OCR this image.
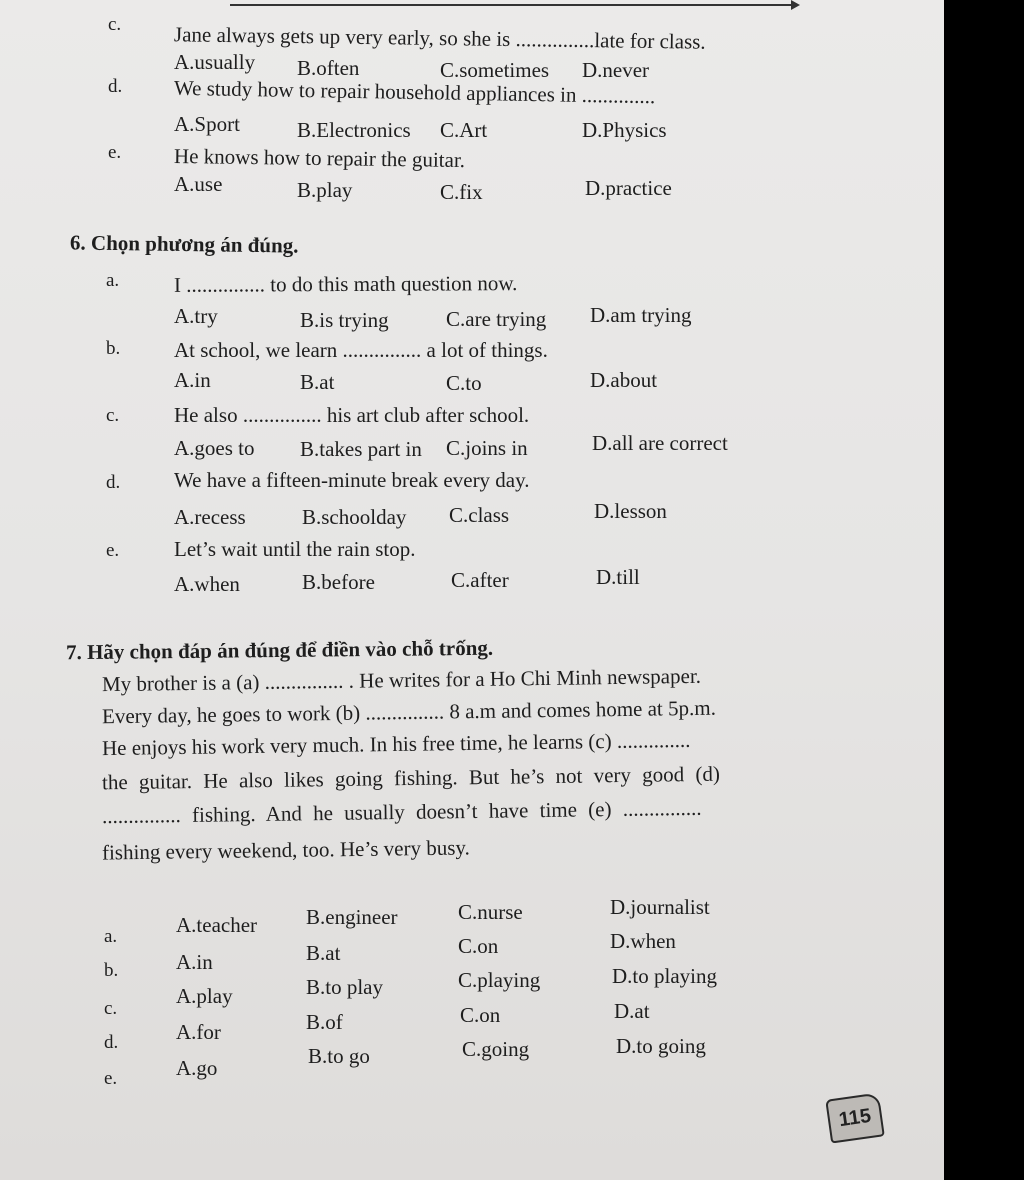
c.	Jane always gets up very early, so she is ...............late for class.
A.usually B.often	C.sometimes D.never
d. We study how to repair household appliances in ..............
A.Sport	B.Electronics C.Art	D.Physics
e.	He knows how to repair the guitar.
A.use	B.play	C.fix	D.practice
6. Chọn phương án đúng.
a.	I ............... to do this math question now.
A.try	B.is trying	C.are trying D.am trying
b.	At school, we learn ............... a lot of things.
A.in	B.at	C.to	D.about
c.	He also ............... his art club after school.
A.goes to B.takes part in C.joins in	D.all are correct
d.	We have a fifteen-minute break every day.
A.recess	B.schoolday C.class	D.lesson
e.	Let’s wait until the rain stop.
A.when	B.before	C.after	D.till
7. Hãy chọn đáp án đúng để điền vào chỗ trống.
My brother is a (a) ............... . He writes for a Ho Chi Minh newspaper.
Every day, he goes to work (b) ............... 8 a.m and comes home at 5p.m.
He enjoys his work very much. In his free time, he learns (c) ..............
the guitar. He also likes going fishing. But he’s not very good (d)
............... fishing. And he usually doesn’t have time (e) ...............
fishing every weekend, too. He’s very busy.
a.	A.teacher B.engineer	C.nurse	D.journalist
b.	A.in	B.at	C.on	D.when
c.
A.play	B.to play	C.playing	D.to playing
d.	A.for	B.of	C.on	D.at
e.	A.go	B.to go	C.going	D.to going
115
